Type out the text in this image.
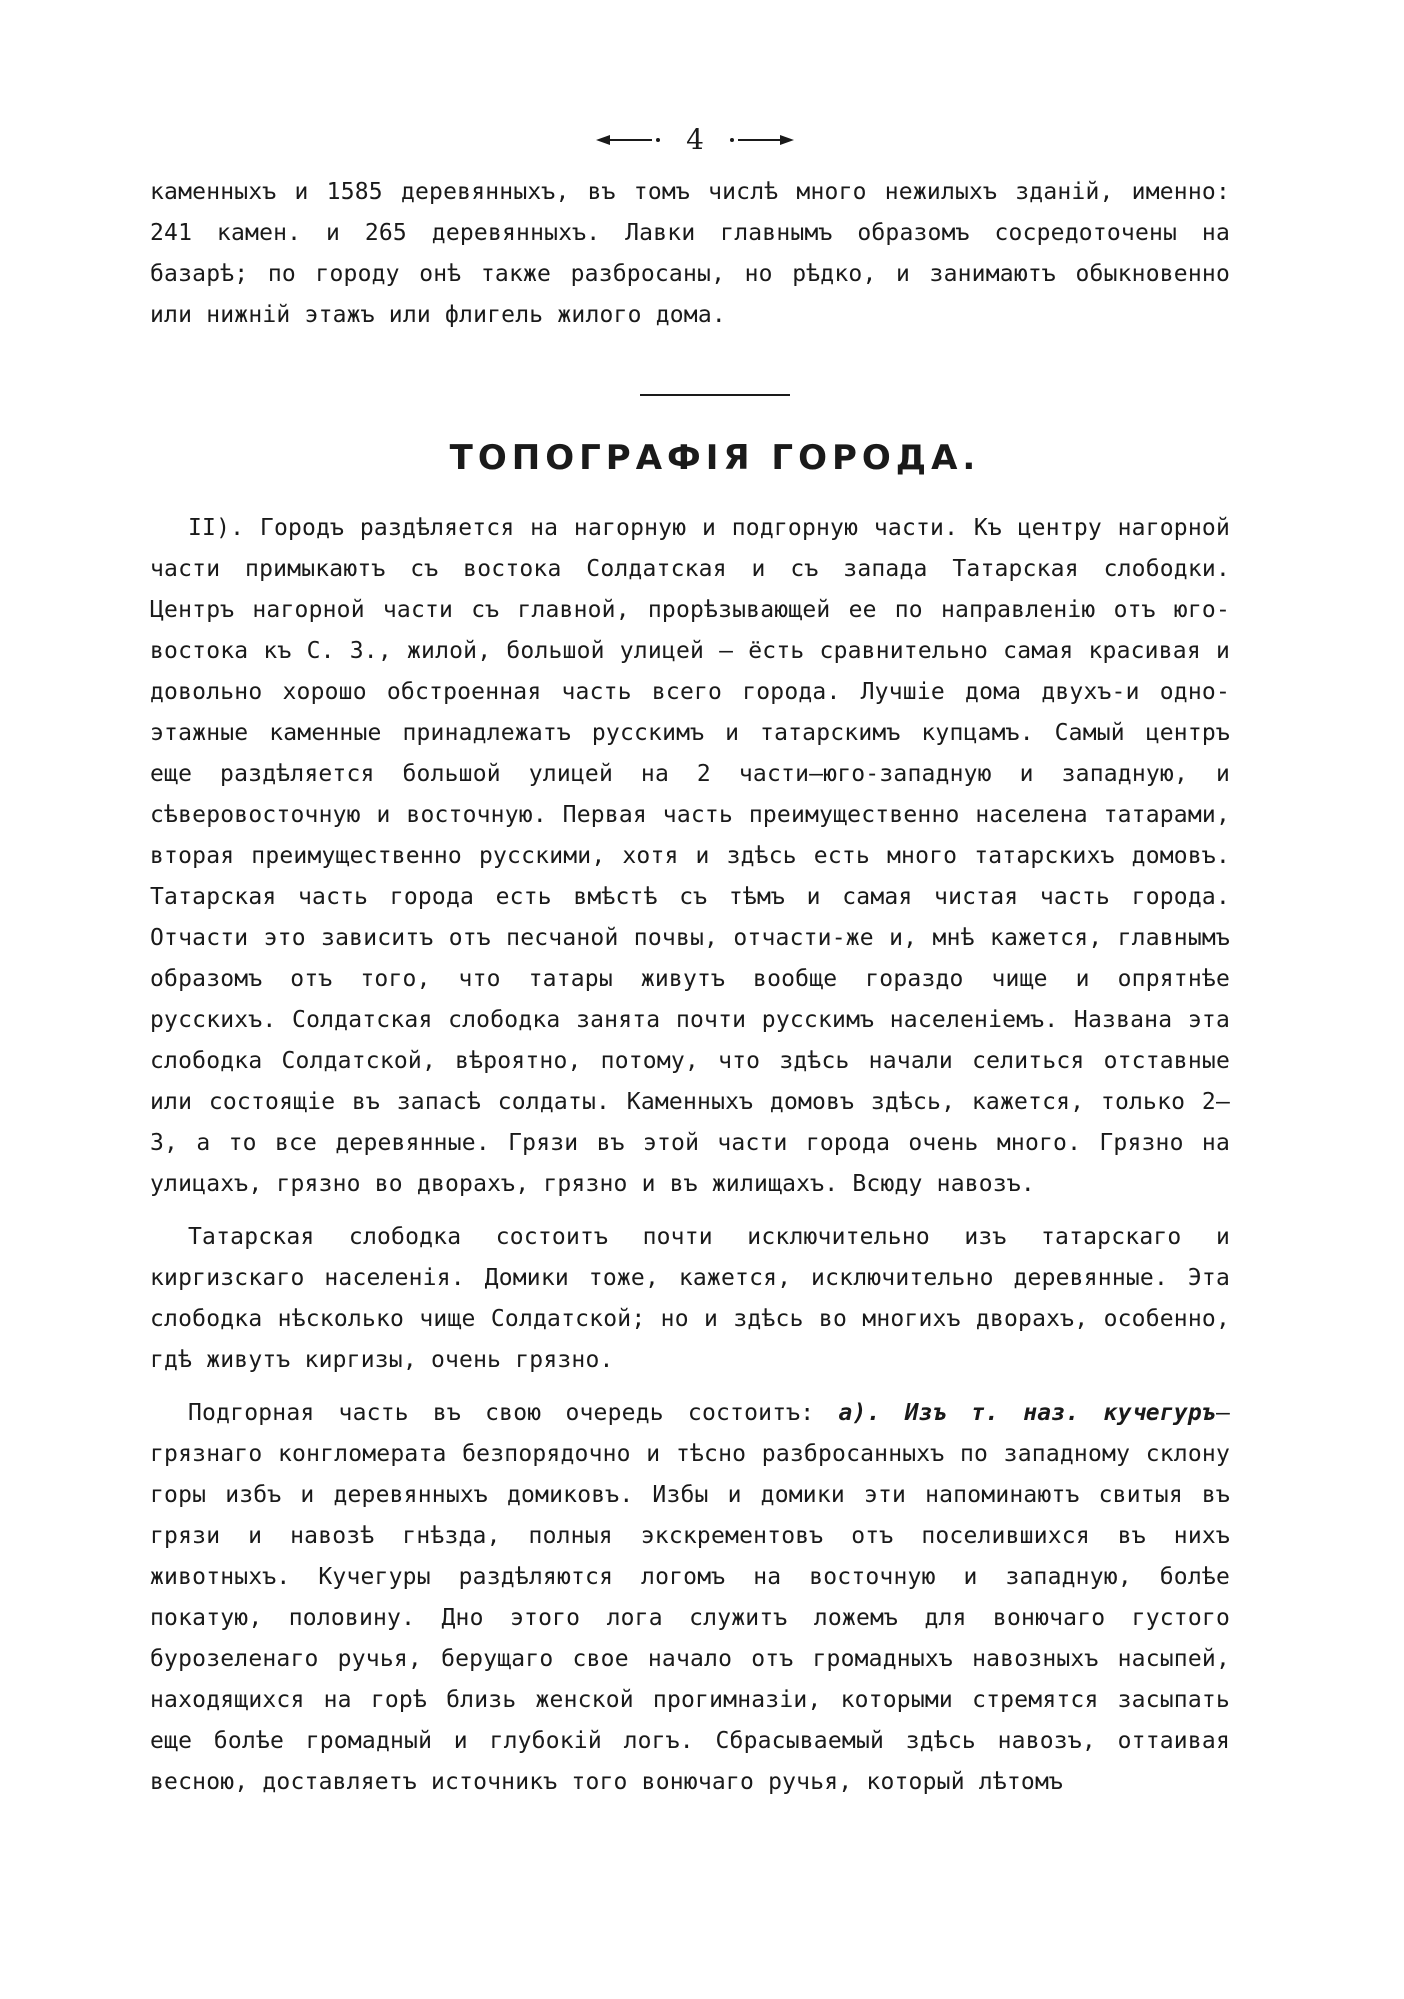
4

каменныхъ и 1585 деревянныхъ, въ томъ числѣ много нежилыхъ зданій, именно: 241 камен. и 265 деревянныхъ. Лавки главнымъ образомъ сосредоточены на базарѣ; по городу онѣ также разбросаны, но рѣдко, и занимаютъ обыкновенно или нижній этажъ или флигель жилого дома.

ТОПОГРАФІЯ ГОРОДА.

II). Городъ раздѣляется на нагорную и подгорную части. Къ центру нагорной части примыкаютъ съ востока Солдатская и съ запада Татарская слободки. Центръ нагорной части съ главной, прорѣзывающей ее по направленію отъ юго-востока къ С. З., жилой, большой улицей — ёсть сравнительно самая красивая и довольно хорошо обстроенная часть всего города. Лучшіе дома двухъ-и одно-этажные каменные принадлежатъ русскимъ и татарскимъ купцамъ. Самый центръ еще раздѣляется большой улицей на 2 части—юго-западную и западную, и сѣверовосточную и восточную. Первая часть преимущественно населена татарами, вторая преимущественно русскими, хотя и здѣсь есть много татарскихъ домовъ. Татарская часть города есть вмѣстѣ съ тѣмъ и самая чистая часть города. Отчасти это зависитъ отъ песчаной почвы, отчасти-же и, мнѣ кажется, главнымъ образомъ отъ того, что татары живутъ вообще гораздо чище и опрятнѣе русскихъ. Солдатская слободка занята почти русскимъ населеніемъ. Названа эта слободка Солдатской, вѣроятно, потому, что здѣсь начали селиться отставные или состоящіе въ запасѣ солдаты. Каменныхъ домовъ здѣсь, кажется, только 2—3, а то все деревянные. Грязи въ этой части города очень много. Грязно на улицахъ, грязно во дворахъ, грязно и въ жилищахъ. Всюду навозъ.

Татарская слободка состоитъ почти исключительно изъ татарскаго и киргизскаго населенія. Домики тоже, кажется, исключительно деревянные. Эта слободка нѣсколько чище Солдатской; но и здѣсь во многихъ дворахъ, особенно, гдѣ живутъ киргизы, очень грязно.

Подгорная часть въ свою очередь состоитъ: а). Изъ т. наз. кучегуръ— грязнаго конгломерата безпорядочно и тѣсно разбросанныхъ по западному склону горы избъ и деревянныхъ домиковъ. Избы и домики эти напоминаютъ свитыя въ грязи и навозѣ гнѣзда, полныя экскрементовъ отъ поселившихся въ нихъ животныхъ. Кучегуры раздѣляются логомъ на восточную и западную, болѣе покатую, половину. Дно этого лога служитъ ложемъ для вонючаго густого бурозеленаго ручья, берущаго свое начало отъ громадныхъ навозныхъ насыпей, находящихся на горѣ близь женской прогимназіи, которыми стремятся засыпать еще болѣе громадный и глубокій логъ. Сбрасываемый здѣсь навозъ, оттаивая весною, доставляетъ источникъ того вонючаго ручья, который лѣтомъ
